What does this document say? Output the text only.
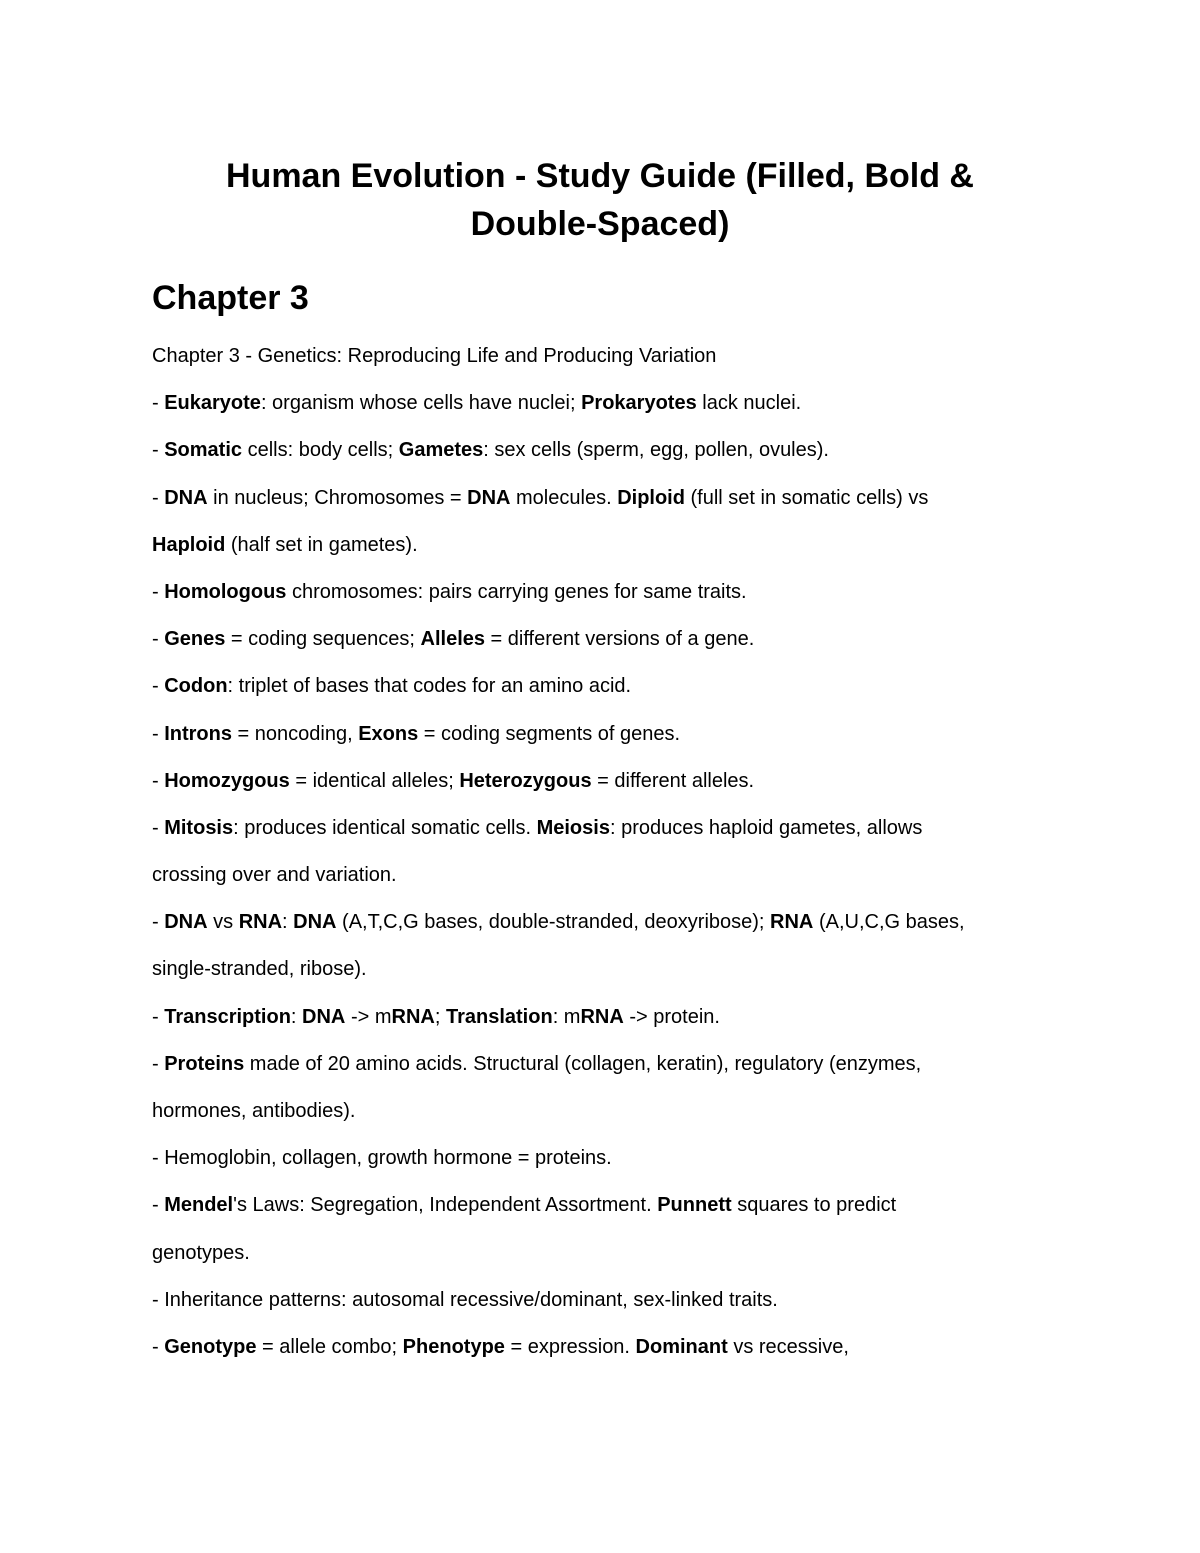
Human Evolution - Study Guide (Filled, Bold &
Double-Spaced)
Chapter 3
Chapter 3 - Genetics: Reproducing Life and Producing Variation
- Eukaryote: organism whose cells have nuclei; Prokaryotes lack nuclei.
- Somatic cells: body cells; Gametes: sex cells (sperm, egg, pollen, ovules).
- DNA in nucleus; Chromosomes = DNA molecules. Diploid (full set in somatic cells) vs
Haploid (half set in gametes).
- Homologous chromosomes: pairs carrying genes for same traits.
- Genes = coding sequences; Alleles = different versions of a gene.
- Codon: triplet of bases that codes for an amino acid.
- Introns = noncoding, Exons = coding segments of genes.
- Homozygous = identical alleles; Heterozygous = different alleles.
- Mitosis: produces identical somatic cells. Meiosis: produces haploid gametes, allows
crossing over and variation.
- DNA vs RNA: DNA (A,T,C,G bases, double-stranded, deoxyribose); RNA (A,U,C,G bases,
single-stranded, ribose).
- Transcription: DNA -> mRNA; Translation: mRNA -> protein.
- Proteins made of 20 amino acids. Structural (collagen, keratin), regulatory (enzymes,
hormones, antibodies).
- Hemoglobin, collagen, growth hormone = proteins.
- Mendel's Laws: Segregation, Independent Assortment. Punnett squares to predict
genotypes.
- Inheritance patterns: autosomal recessive/dominant, sex-linked traits.
- Genotype = allele combo; Phenotype = expression. Dominant vs recessive,
